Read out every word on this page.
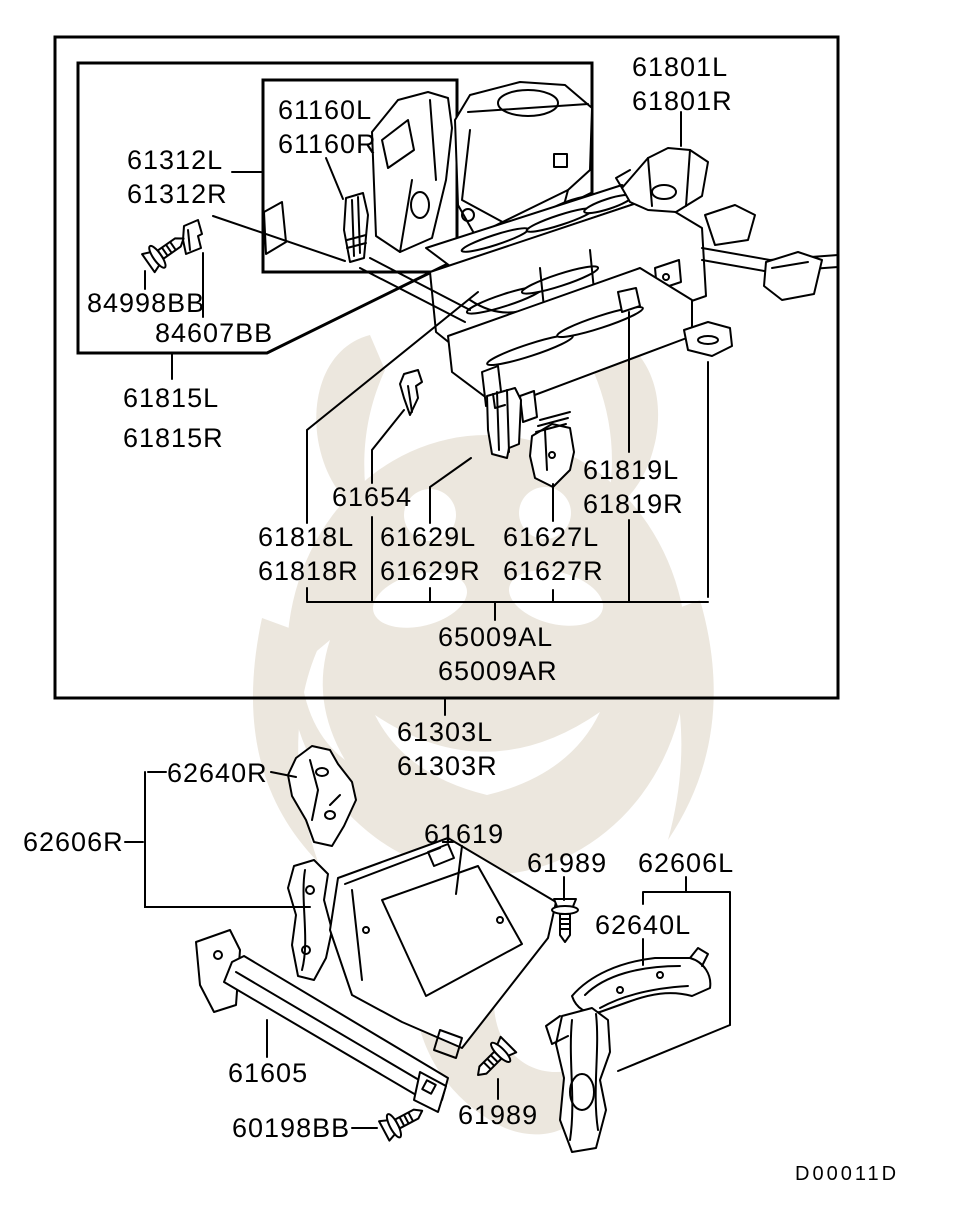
61160L
61160R
61312L
61312R
84998BB
84607BB
61815L
61815R
61801L
61801R
61654
61818L
61818R
61629L
61629R
61627L
61627R
61819L
61819R
65009AL
65009AR
61303L
61303R
62640R
62606R	61619
61989 62606L
62640L
61605
61989
60198BB
D00011D
